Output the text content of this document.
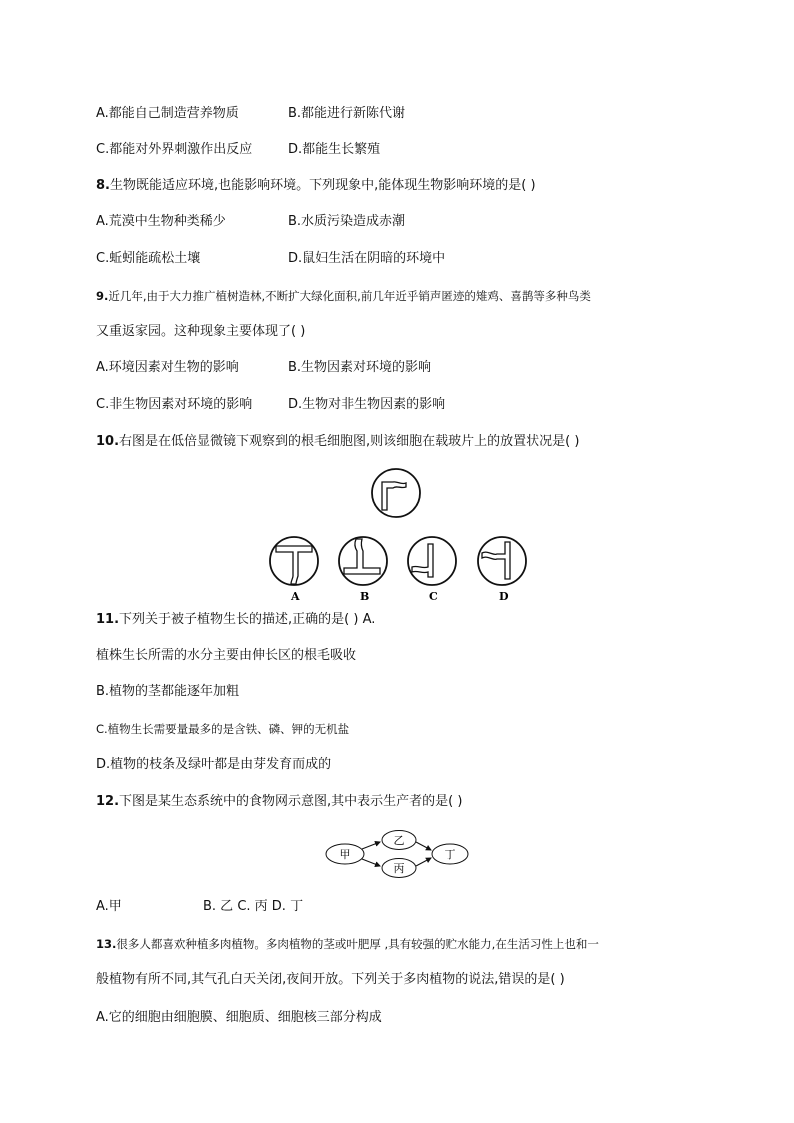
A.都能自己制造营养物质	B.都能进行新陈代谢
C.都能对外界刺激作出反应	D.都能生长繁殖
8.生物既能适应环境,也能影响环境。下列现象中,能体现生物影响环境的是( )
A.荒漠中生物种类稀少	B.水质污染造成赤潮
C.蚯蚓能疏松土壤	D.鼠妇生活在阴暗的环境中
9.近几年,由于大力推广植树造林,不断扩大绿化面积,前几年近乎销声匿迹的雉鸡、喜鹊等多种鸟类
又重返家园。这种现象主要体现了( )
A.环境因素对生物的影响	B.生物因素对环境的影响
C.非生物因素对环境的影响	D.生物对非生物因素的影响
10.右图是在低倍显微镜下观察到的根毛细胞图,则该细胞在载玻片上的放置状况是( )
A	B	C	D
11.下列关于被子植物生长的描述,正确的是( ) A.
植株生长所需的水分主要由伸长区的根毛吸收
B.植物的茎都能逐年加粗
C.植物生长需要量最多的是含铁、磷、钾的无机盐
D.植物的枝条及绿叶都是由芽发育而成的
12.下图是某生态系统中的食物网示意图,其中表示生产者的是( )
甲
乙
丙
丁
A.甲	B. 乙 C. 丙 D. 丁
13.很多人都喜欢种植多肉植物。多肉植物的茎或叶肥厚 ,具有较强的贮水能力,在生活习性上也和一
般植物有所不同,其气孔白天关闭,夜间开放。下列关于多肉植物的说法,错误的是( )
A.它的细胞由细胞膜、细胞质、细胞核三部分构成
